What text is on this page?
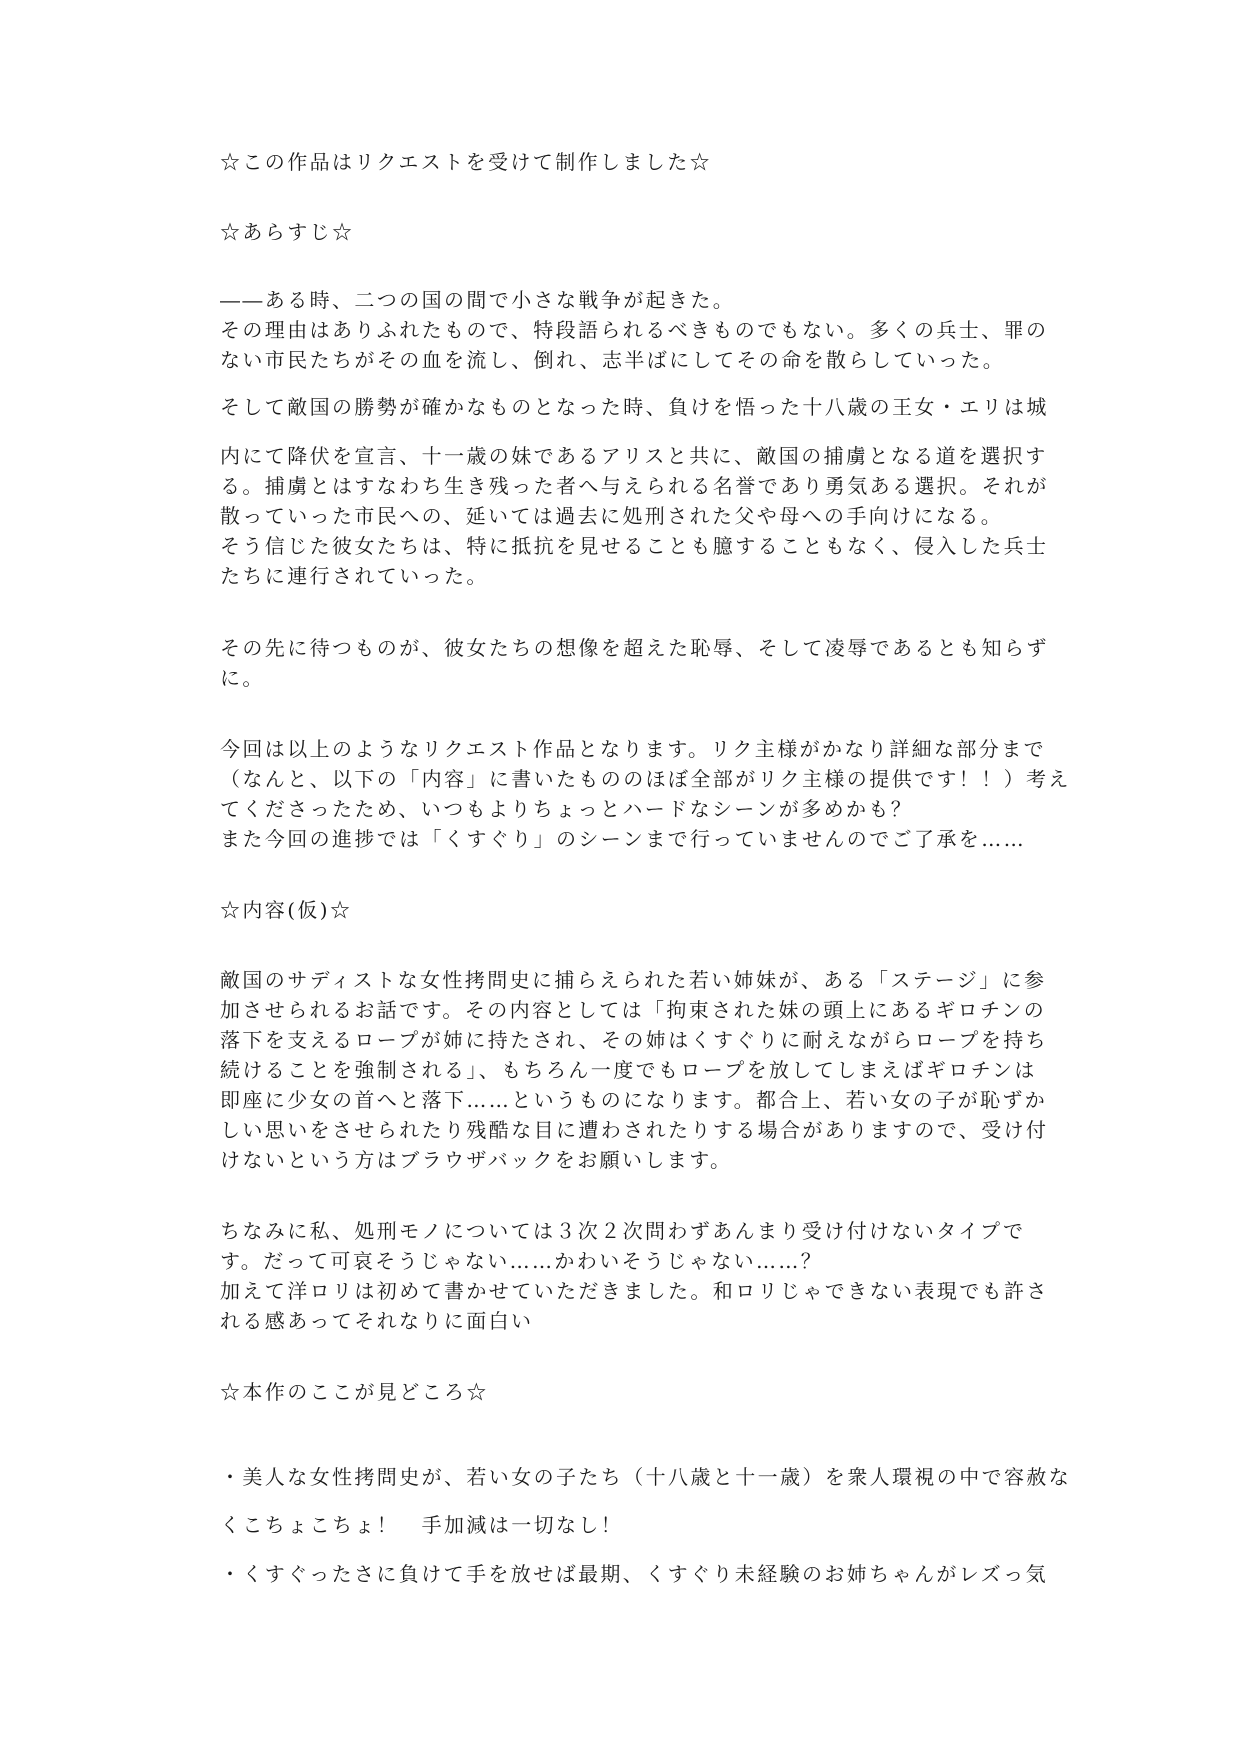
☆この作品はリクエストを受けて制作しました☆
☆あらすじ☆
――ある時、二つの国の間で小さな戦争が起きた。
その理由はありふれたもので、特段語られるべきものでもない。多くの兵士、罪の
ない市民たちがその血を流し、倒れ、志半ばにしてその命を散らしていった。
そして敵国の勝勢が確かなものとなった時、負けを悟った十八歳の王女・エリは城
内にて降伏を宣言、十一歳の妹であるアリスと共に、敵国の捕虜となる道を選択す
る。捕虜とはすなわち生き残った者へ与えられる名誉であり勇気ある選択。それが
散っていった市民への、延いては過去に処刑された父や母への手向けになる。
そう信じた彼女たちは、特に抵抗を見せることも臆することもなく、侵入した兵士
たちに連行されていった。
その先に待つものが、彼女たちの想像を超えた恥辱、そして凌辱であるとも知らず
に。
今回は以上のようなリクエスト作品となります。リク主様がかなり詳細な部分まで
（なんと、以下の「内容」に書いたもののほぼ全部がリク主様の提供です！！）考え
てくださったため、いつもよりちょっとハードなシーンが多めかも？
また今回の進捗では「くすぐり」のシーンまで行っていませんのでご了承を……
☆内容(仮)☆
敵国のサディストな女性拷問史に捕らえられた若い姉妹が、ある「ステージ」に参
加させられるお話です。その内容としては「拘束された妹の頭上にあるギロチンの
落下を支えるロープが姉に持たされ、その姉はくすぐりに耐えながらロープを持ち
続けることを強制される」、もちろん一度でもロープを放してしまえばギロチンは
即座に少女の首へと落下……というものになります。都合上、若い女の子が恥ずか
しい思いをさせられたり残酷な目に遭わされたりする場合がありますので、受け付
けないという方はブラウザバックをお願いします。
ちなみに私、処刑モノについては３次２次問わずあんまり受け付けないタイプで
す。だって可哀そうじゃない……かわいそうじゃない……？
加えて洋ロリは初めて書かせていただきました。和ロリじゃできない表現でも許さ
れる感あってそれなりに面白い
☆本作のここが見どころ☆
・美人な女性拷問史が、若い女の子たち（十八歳と十一歳）を衆人環視の中で容赦な
くこちょこちょ！　手加減は一切なし！
・くすぐったさに負けて手を放せば最期、くすぐり未経験のお姉ちゃんがレズっ気
